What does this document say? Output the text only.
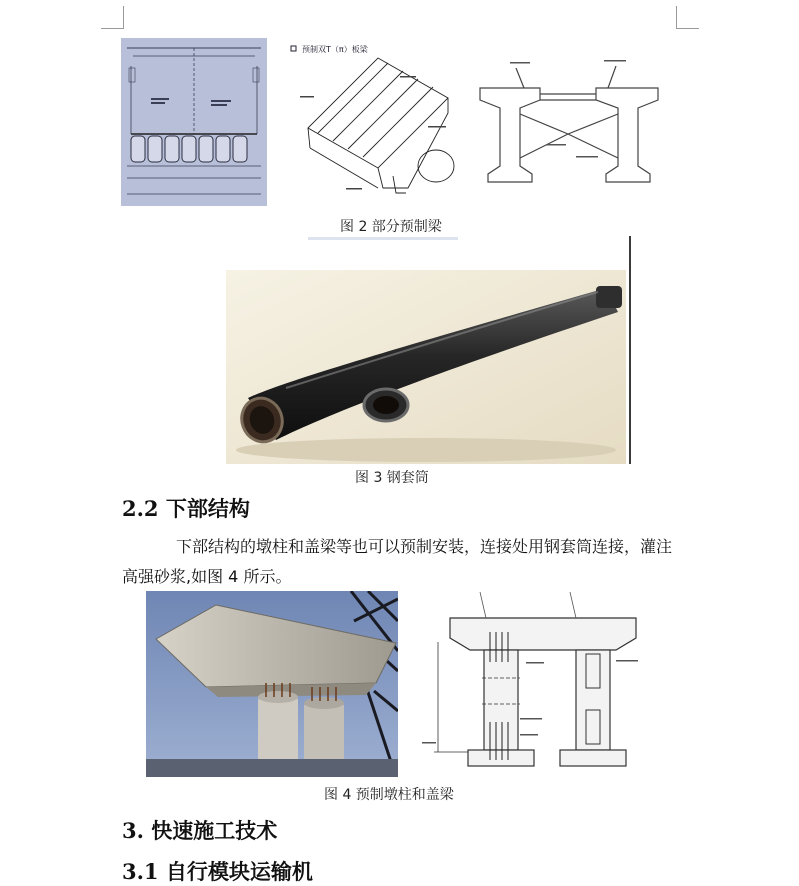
预制双T（π）板梁
图 2 部分预制梁
图 3 钢套筒
2.2 下部结构
下部结构的墩柱和盖梁等也可以预制安装，连接处用钢套筒连接，灌注
高强砂浆,如图 4 所示。
图 4 预制墩柱和盖梁
3. 快速施工技术
3.1 自行模块运输机
